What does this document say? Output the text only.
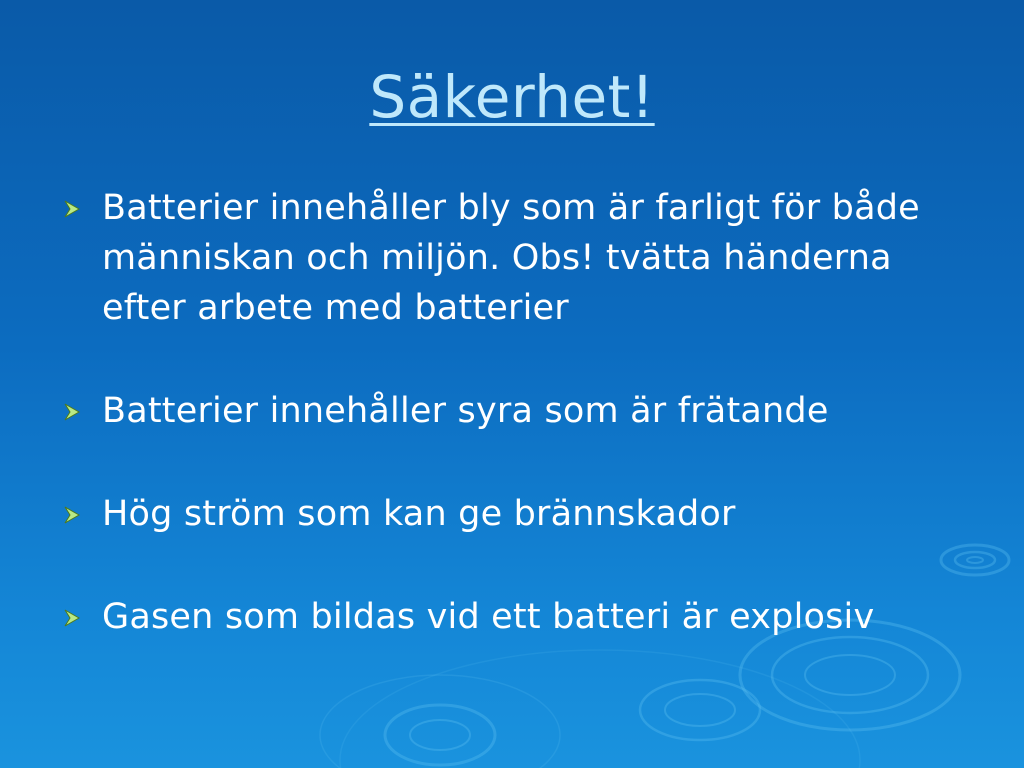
Säkerhet!
Batterier innehåller bly som är farligt för både människan och miljön. Obs! tvätta händerna efter arbete med batterier
Batterier innehåller syra som är frätande
Hög ström som kan ge brännskador
Gasen som bildas vid ett batteri är explosiv
